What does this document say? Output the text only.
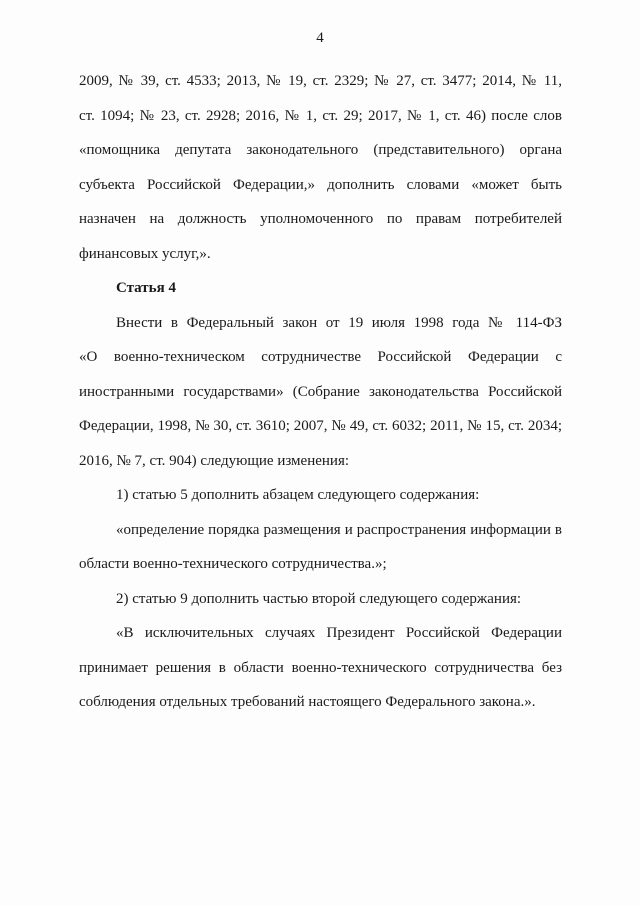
4
2009, № 39, ст. 4533; 2013, № 19, ст. 2329; № 27, ст. 3477; 2014, № 11,
ст. 1094; № 23, ст. 2928; 2016, № 1, ст. 29; 2017, № 1, ст. 46) после слов
«помощника депутата законодательного (представительного) органа
субъекта Российской Федерации,» дополнить словами «может быть
назначен на должность уполномоченного по правам потребителей
финансовых услуг,».
Статья 4
Внести в Федеральный закон от 19 июля 1998 года № 114-ФЗ
«О военно-техническом сотрудничестве Российской Федерации с
иностранными государствами» (Собрание законодательства Российской
Федерации, 1998, № 30, ст. 3610; 2007, № 49, ст. 6032; 2011, № 15, ст. 2034;
2016, № 7, ст. 904) следующие изменения:
1) статью 5 дополнить абзацем следующего содержания:
«определение порядка размещения и распространения информации в
области военно-технического сотрудничества.»;
2) статью 9 дополнить частью второй следующего содержания:
«В исключительных случаях Президент Российской Федерации
принимает решения в области военно-технического сотрудничества без
соблюдения отдельных требований настоящего Федерального закона.».
